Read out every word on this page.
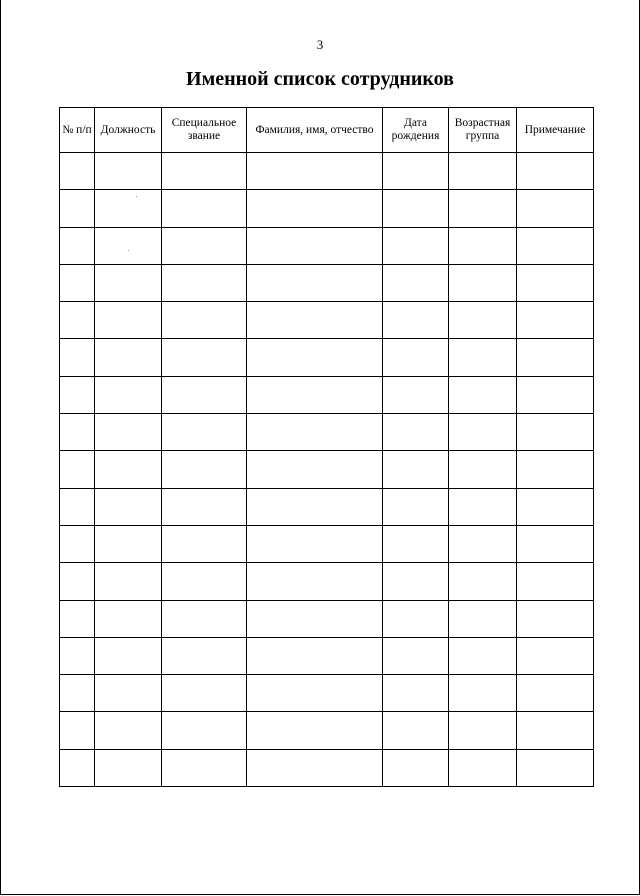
3
Именной список сотрудников
№ п/п	Должность	Специальное звание	Фамилия, имя, отчество	Дата рождения	Возрастная группа	Примечание
